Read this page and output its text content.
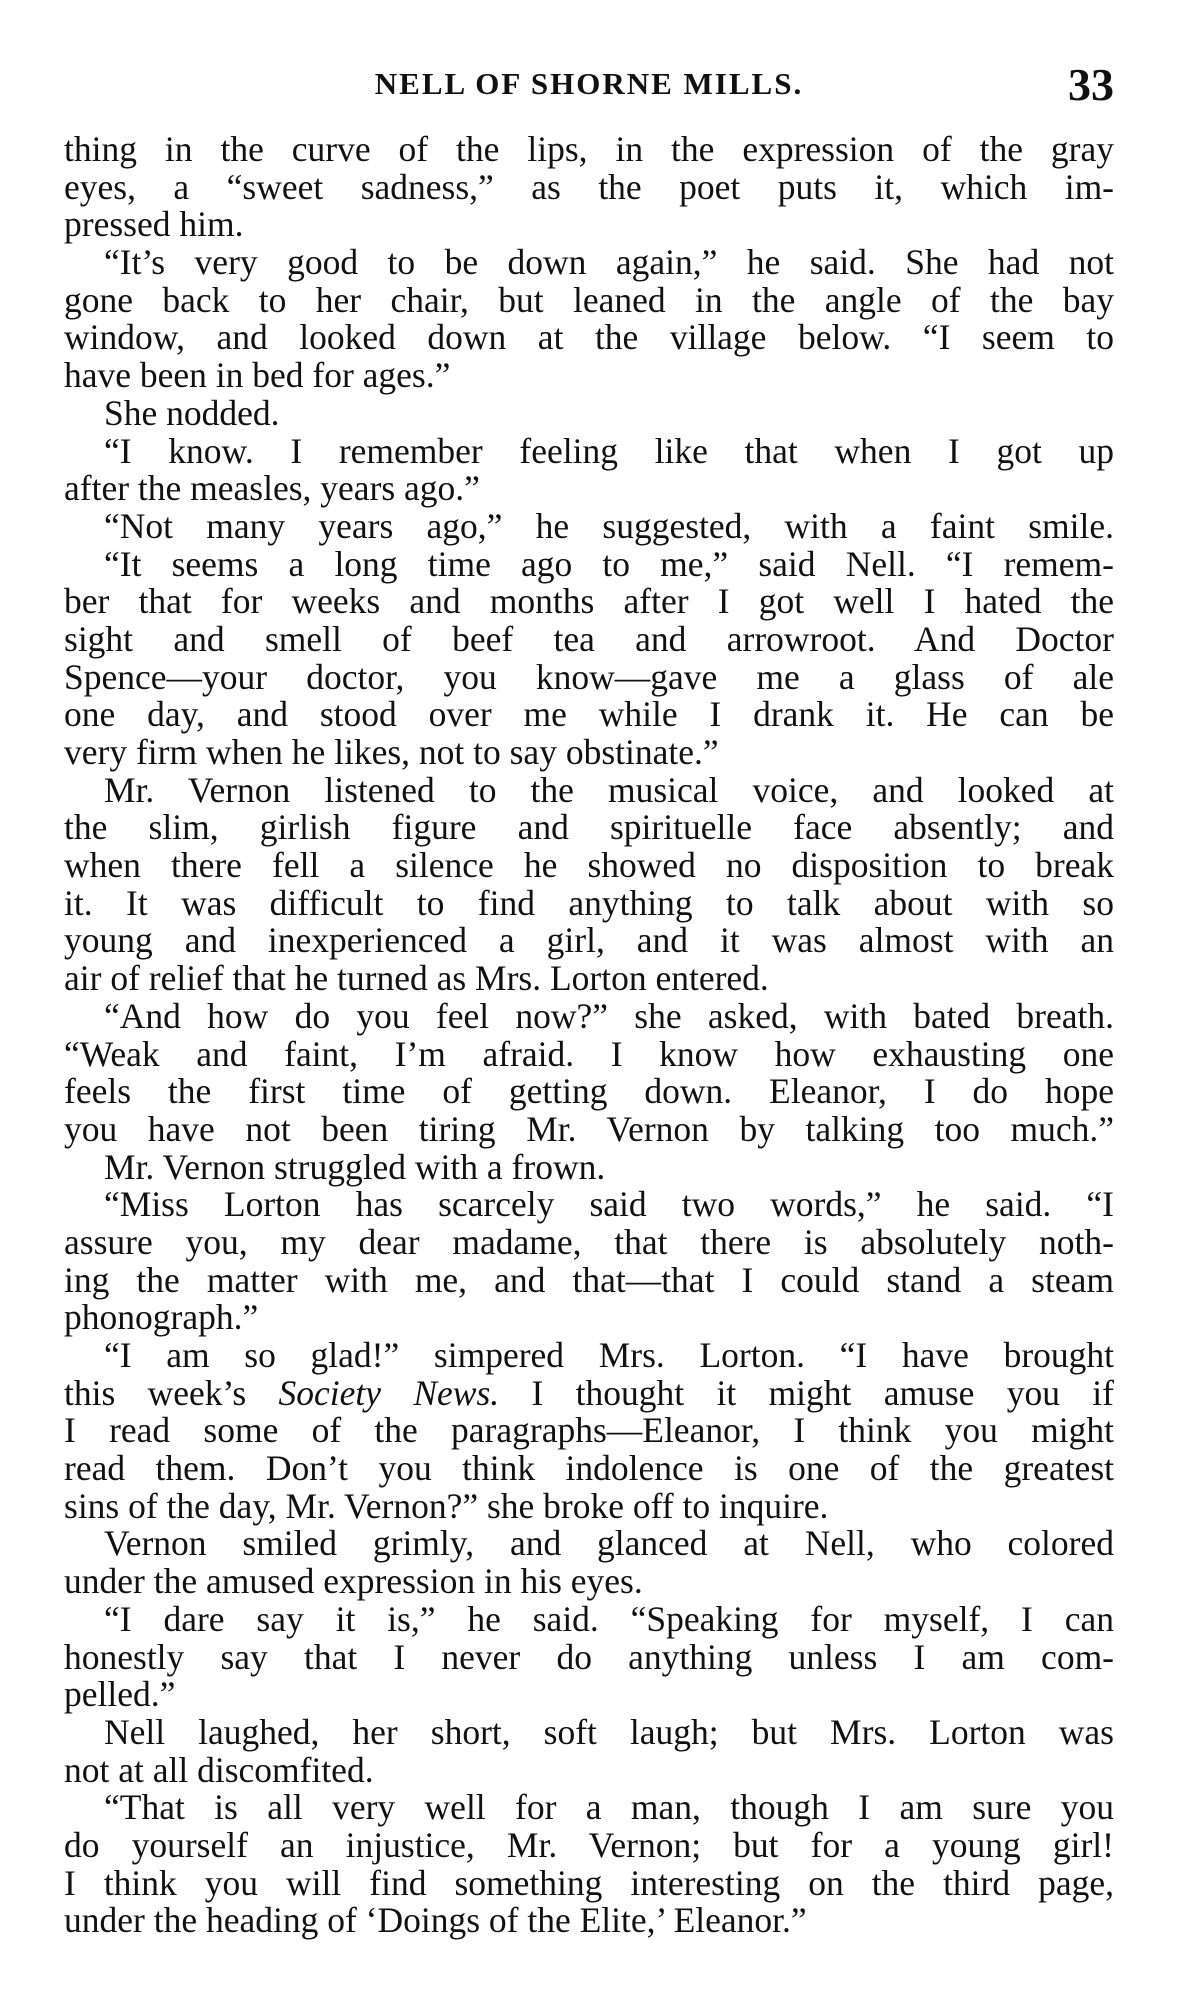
NELL OF SHORNE MILLS.	33
thing in the curve of the lips, in the expression of the gray
eyes, a “sweet sadness,” as the poet puts it, which im-
pressed him.
“It’s very good to be down again,” he said. She had not
gone back to her chair, but leaned in the angle of the bay
window, and looked down at the village below. “I seem to
have been in bed for ages.”
She nodded.
“I know. I remember feeling like that when I got up
after the measles, years ago.”
“Not many years ago,” he suggested, with a faint smile.
“It seems a long time ago to me,” said Nell. “I remem-
ber that for weeks and months after I got well I hated the
sight and smell of beef tea and arrowroot. And Doctor
Spence—your doctor, you know—gave me a glass of ale
one day, and stood over me while I drank it. He can be
very firm when he likes, not to say obstinate.”
Mr. Vernon listened to the musical voice, and looked at
the slim, girlish figure and spirituelle face absently; and
when there fell a silence he showed no disposition to break
it. It was difficult to find anything to talk about with so
young and inexperienced a girl, and it was almost with an
air of relief that he turned as Mrs. Lorton entered.
“And how do you feel now?” she asked, with bated breath.
“Weak and faint, I’m afraid. I know how exhausting one
feels the first time of getting down. Eleanor, I do hope
you have not been tiring Mr. Vernon by talking too much.”
Mr. Vernon struggled with a frown.
“Miss Lorton has scarcely said two words,” he said. “I
assure you, my dear madame, that there is absolutely noth-
ing the matter with me, and that—that I could stand a steam
phonograph.”
“I am so glad!” simpered Mrs. Lorton. “I have brought
this week’s Society News. I thought it might amuse you if
I read some of the paragraphs—Eleanor, I think you might
read them. Don’t you think indolence is one of the greatest
sins of the day, Mr. Vernon?” she broke off to inquire.
Vernon smiled grimly, and glanced at Nell, who colored
under the amused expression in his eyes.
“I dare say it is,” he said. “Speaking for myself, I can
honestly say that I never do anything unless I am com-
pelled.”
Nell laughed, her short, soft laugh; but Mrs. Lorton was
not at all discomfited.
“That is all very well for a man, though I am sure you
do yourself an injustice, Mr. Vernon; but for a young girl!
I think you will find something interesting on the third page,
under the heading of ‘Doings of the Elite,’ Eleanor.”
